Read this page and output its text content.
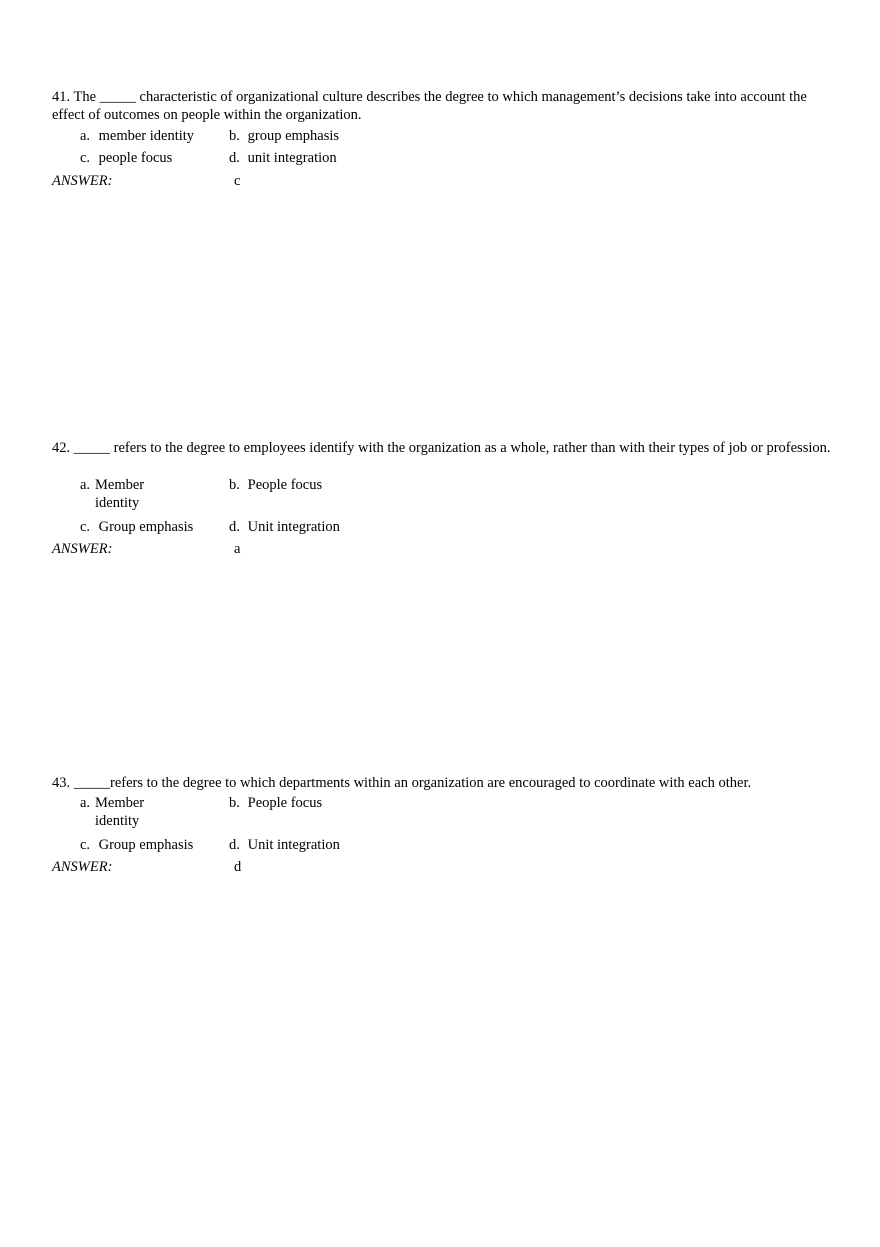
41. The _____ characteristic of organizational culture describes the degree to which management’s decisions take into account the effect of outcomes on people within the organization.

a. member identity	b. group emphasis
c. people focus	d. unit integration
ANSWER:	c

42. _____ refers to the degree to employees identify with the organization as a whole, rather than with their types of job or profession.

a. Member identity
b. People focus
c. Group emphasis	d. Unit integration
ANSWER:	a

43. _____refers to the degree to which departments within an organization are encouraged to coordinate with each other.

a. Member identity
b. People focus
c. Group emphasis	d. Unit integration
ANSWER:	d
